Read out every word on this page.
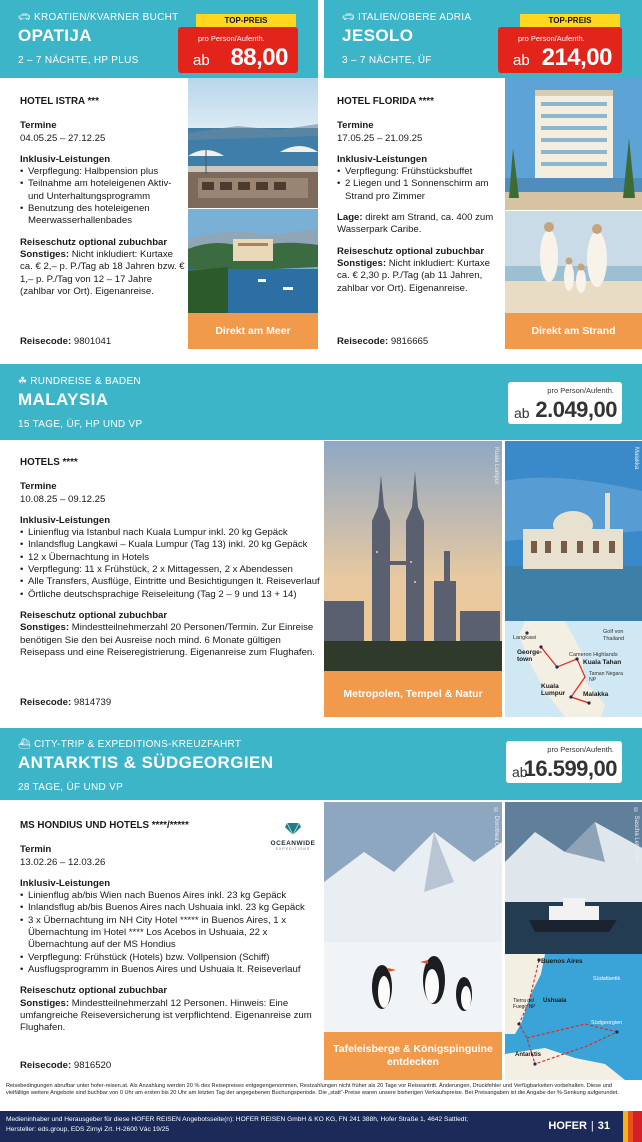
🚗︎ KROATIEN/KVARNER BUCHT
OPATIJA
2 – 7 NÄCHTE, HP PLUS
TOP-PREIS
pro Person/Aufenth.
ab 88,00
HOTEL ISTRA ***
Termine
04.05.25 – 27.12.25
Inklusiv-Leistungen
• Verpflegung: Halbpension plus
• Teilnahme am hoteleigenen Aktiv- und Unterhaltungsprogramm
• Benutzung des hoteleigenen Meerwasserhallenbades
Reiseschutz optional zubuchbar
Sonstiges: Nicht inkludiert: Kurtaxe ca. € 2,– p. P./Tag ab 18 Jahren bzw. € 1,– p. P./Tag von 12 – 17 Jahre (zahlbar vor Ort). Eigenanreise.
Reisecode: 9801041
Direkt am Meer
🚗︎ ITALIEN/OBERE ADRIA
JESOLO
3 – 7 NÄCHTE, ÜF
TOP-PREIS
pro Person/Aufenth.
ab 214,00
HOTEL FLORIDA ****
Termine
17.05.25 – 21.09.25
Inklusiv-Leistungen
• Verpflegung: Frühstücksbuffet
• 2 Liegen und 1 Sonnenschirm am Strand pro Zimmer
Lage: direkt am Strand, ca. 400 zum Wasserpark Caribe.
Reiseschutz optional zubuchbar
Sonstiges: Nicht inkludiert: Kurtaxe ca. € 2,30 p. P./Tag (ab 11 Jahren, zahlbar vor Ort). Eigenanreise.
Reisecode: 9816665
Direkt am Strand
☘ RUNDREISE & BADEN
MALAYSIA
15 TAGE, ÜF, HP UND VP
pro Person/Aufenth.
ab 2.049,00
HOTELS ****
Termine
10.08.25 – 09.12.25
Inklusiv-Leistungen
• Linienflug via Istanbul nach Kuala Lumpur inkl. 20 kg Gepäck
• Inlandsflug Langkawi – Kuala Lumpur (Tag 13) inkl. 20 kg Gepäck
• 12 x Übernachtung in Hotels
• Verpflegung: 11 x Frühstück, 2 x Mittagessen, 2 x Abendessen
• Alle Transfers, Ausflüge, Eintritte und Besichtigungen lt. Reiseverlauf
• Örtliche deutschsprachige Reiseleitung (Tag 2 – 9 und 13 + 14)
Reiseschutz optional zubuchbar
Sonstiges: Mindestteilnehmerzahl 20 Personen/Termin. Zur Einreise benötigen Sie den bei Ausreise noch mind. 6 Monate gültigen Reisepass und eine Reiseregistrierung. Eigenanreise zum Flughafen.
Reisecode: 9814739
Kuala Lumpur
Metropolen, Tempel & Natur
Malakka
Golf von Thailand
Langkawi
George-town
Cameron Highlands
Kuala Tahan
Taman Negara NP
Kuala Lumpur	Malakka
⛴ CITY-TRIP & EXPEDITIONS-KREUZFAHRT
ANTARKTIS & SÜDGEORGIEN
28 TAGE, ÜF UND VP
pro Person/Aufenth.
ab
16.599,00
MS HONDIUS UND HOTELS ****/*****
Termin
13.02.26 – 12.03.26
Inklusiv-Leistungen
• Linienflug ab/bis Wien nach Buenos Aires inkl. 23 kg Gepäck
• Inlandsflug ab/bis Buenos Aires nach Ushuaia inkl. 23 kg Gepäck
• 3 x Übernachtung im NH City Hotel ***** in Buenos Aires, 1 x Übernachtung im Hotel **** Los Acebos in Ushuaia, 22 x Übernachtung auf der MS Hondius
• Verpflegung: Frühstück (Hotels) bzw. Vollpension (Schiff)
• Ausflugsprogramm in Buenos Aires und Ushuaia lt. Reiseverlauf
Reiseschutz optional zubuchbar
Sonstiges: Mindestteilnehmerzahl 12 Personen. Hinweis: Eine umfangreiche Reiseversicherung ist verpflichtend. Eigenanreise zum Flughafen.
Reisecode: 9816520
OCEANWIDE
EXPEDITIONS	© Dorothea Oldenberger
Tafeleisberge & Königspinguine entdecken
© Sascha Lettmann
Buenos Aires
Südatlantik
Tierra del Fuego NP
Ushuaia
Südgeorgien
Antarktis
Reisebedingungen abrufbar unter hofer-reisen.at. Als Anzahlung werden 20 % des Reisepreises entgegengenommen, Restzahlungen nicht früher als 20 Tage vor Reiseantritt. Änderungen, Druckfehler und Verfügbarkeiten vorbehalten. Diese und vielfältige weitere Angebote sind buchbar von 0 Uhr am ersten bis 20 Uhr am letzten Tag der angegebenen Buchungsperiode. Die „statt“-Preise waren unsere bisherigen Verkaufspreise. Bei Preisangaben ist die Angabe der %-Senkung aufgerundet.
Medieninhaber und Herausgeber für diese HOFER REISEN Angebotsseite(n): HOFER REISEN GmbH & KO KG, FN 241 388h, Hofer Straße 1, 4642 Sattledt;
Hersteller: eds.group, EDS Zirnyi Zrt. H-2600 Vác 19/25	HOFER | 31
